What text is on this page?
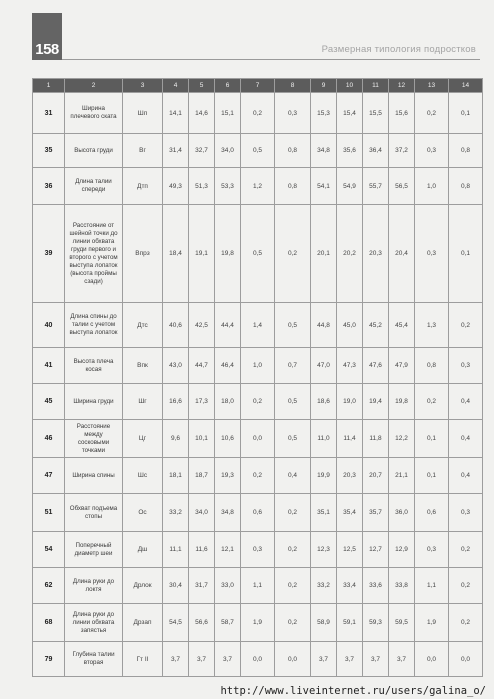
158	Размерная типология подростков
1	2	3	4	5	6	7	8	9	10	11	12	13	14
31	Ширина плечевого ската	Шп	14,1	14,6	15,1	0,2	0,3	15,3	15,4	15,5	15,6	0,2	0,1
35	Высота груди	Вг	31,4	32,7	34,0	0,5	0,8	34,8	35,6	36,4	37,2	0,3	0,8
36	Длина талии спереди	Дтп	49,3	51,3	53,3	1,2	0,8	54,1	54,9	55,7	56,5	1,0	0,8
39	Расстояние от шейной точки до линии обхвата груди первого и второго с учетом выступа лопаток (высота проймы сзади)	Впрз	18,4	19,1	19,8	0,5	0,2	20,1	20,2	20,3	20,4	0,3	0,1
40	Длина спины до талии с учетом выступа лопаток	Дтс	40,6	42,5	44,4	1,4	0,5	44,8	45,0	45,2	45,4	1,3	0,2
41	Высота плеча косая	Впк	43,0	44,7	46,4	1,0	0,7	47,0	47,3	47,6	47,9	0,8	0,3
45	Ширина груди	Шг	16,6	17,3	18,0	0,2	0,5	18,6	19,0	19,4	19,8	0,2	0,4
46	Расстояние между сосковыми точками	Цг	9,6	10,1	10,6	0,0	0,5	11,0	11,4	11,8	12,2	0,1	0,4
47	Ширина спины	Шс	18,1	18,7	19,3	0,2	0,4	19,9	20,3	20,7	21,1	0,1	0,4
51	Обхват подъема стопы	Ос	33,2	34,0	34,8	0,6	0,2	35,1	35,4	35,7	36,0	0,6	0,3
54	Поперечный диаметр шеи	Дш	11,1	11,6	12,1	0,3	0,2	12,3	12,5	12,7	12,9	0,3	0,2
62	Длина руки до локтя	Дрлок	30,4	31,7	33,0	1,1	0,2	33,2	33,4	33,6	33,8	1,1	0,2
68	Длина руки до линии обхвата запястья	Дрзап	54,5	56,6	58,7	1,9	0,2	58,9	59,1	59,3	59,5	1,9	0,2
79	Глубина талии вторая	Гт II	3,7	3,7	3,7	0,0	0,0	3,7	3,7	3,7	3,7	0,0	0,0
http://www.liveinternet.ru/users/galina_o/
